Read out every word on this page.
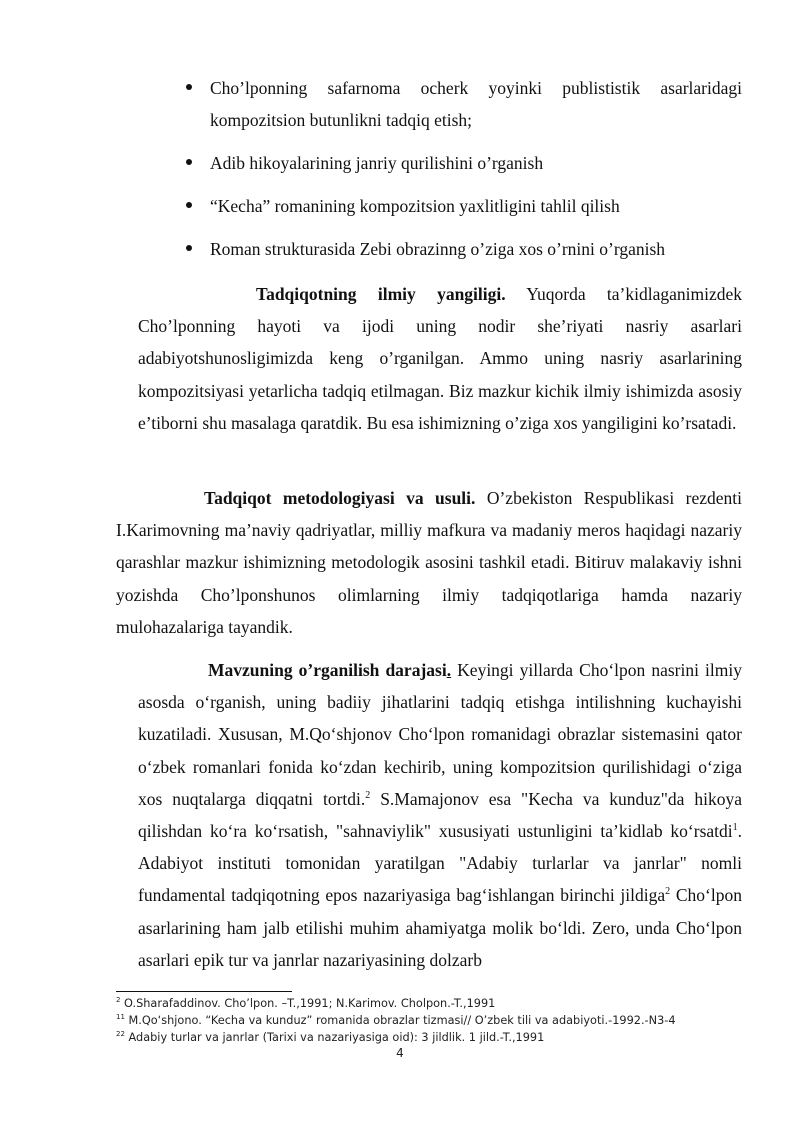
Cho’lponning safarnoma ocherk yoyinki publististik asarlaridagi kompozitsion butunlikni tadqiq etish;
Adib hikoyalarining janriy qurilishini o’rganish
“Kecha” romanining kompozitsion yaxlitligini tahlil qilish
Roman strukturasida Zebi obrazinng o’ziga xos o’rnini o’rganish

Tadqiqotning ilmiy yangiligi. Yuqorda ta’kidlaganimizdek Cho’lponning hayoti va ijodi uning nodir she’riyati nasriy asarlari adabiyotshunosligimizda keng o’rganilgan. Ammo uning nasriy asarlarining kompozitsiyasi yetarlicha tadqiq etilmagan. Biz mazkur kichik ilmiy ishimizda asosiy e’tiborni shu masalaga qaratdik. Bu esa ishimizning o’ziga xos yangiligini ko’rsatadi.

Tadqiqot metodologiyasi va usuli. O’zbekiston Respublikasi rezdenti I.Karimovning ma’naviy qadriyatlar, milliy mafkura va madaniy meros haqidagi nazariy qarashlar mazkur ishimizning metodologik asosini tashkil etadi. Bitiruv malakaviy ishni yozishda Cho’lponshunos olimlarning ilmiy tadqiqotlariga hamda nazariy mulohazalariga tayandik.

Mavzuning o’rganilish darajasi. Keyingi yillarda Cho‘lpon nasrini ilmiy asosda o‘rganish, uning badiiy jihatlarini tadqiq etishga intilishning kuchayishi kuzatiladi. Xususan, M.Qo‘shjonov Cho‘lpon romanidagi obrazlar sistemasini qator o‘zbek romanlari fonida ko‘zdan kechirib, uning kompozitsion qurilishidagi o‘ziga xos nuqtalarga diqqatni tortdi.$^2$ S.Mamajonov esa "Kecha va kunduz"da hikoya qilishdan ko‘ra ko‘rsatish, "sahnaviylik" xususiyati ustunligini ta’kidlab ko‘rsatdi$^1$. Adabiyot instituti tomonidan yaratilgan "Adabiy turlarlar va janrlar" nomli fundamental tadqiqotning epos nazariyasiga bag‘ishlangan birinchi jildiga$^2$ Cho‘lpon asarlarining ham jalb etilishi muhim ahamiyatga molik bo‘ldi. Zero, unda Cho‘lpon asarlari epik tur va janrlar nazariyasining dolzarb

$^2$ O.Sharafaddinov. Cho’lpon. –T.,1991; N.Karimov. Cholpon.-T.,1991
$^{11}$ M.Qo‘shjono. “Kecha va kunduz” romanida obrazlar tizmasi// O’zbek tili va adabiyoti.-1992.-N3-4
$^{22}$ Adabiy turlar va janrlar (Tarixi va nazariyasiga oid): 3 jildlik. 1 jild.-T.,1991
4
